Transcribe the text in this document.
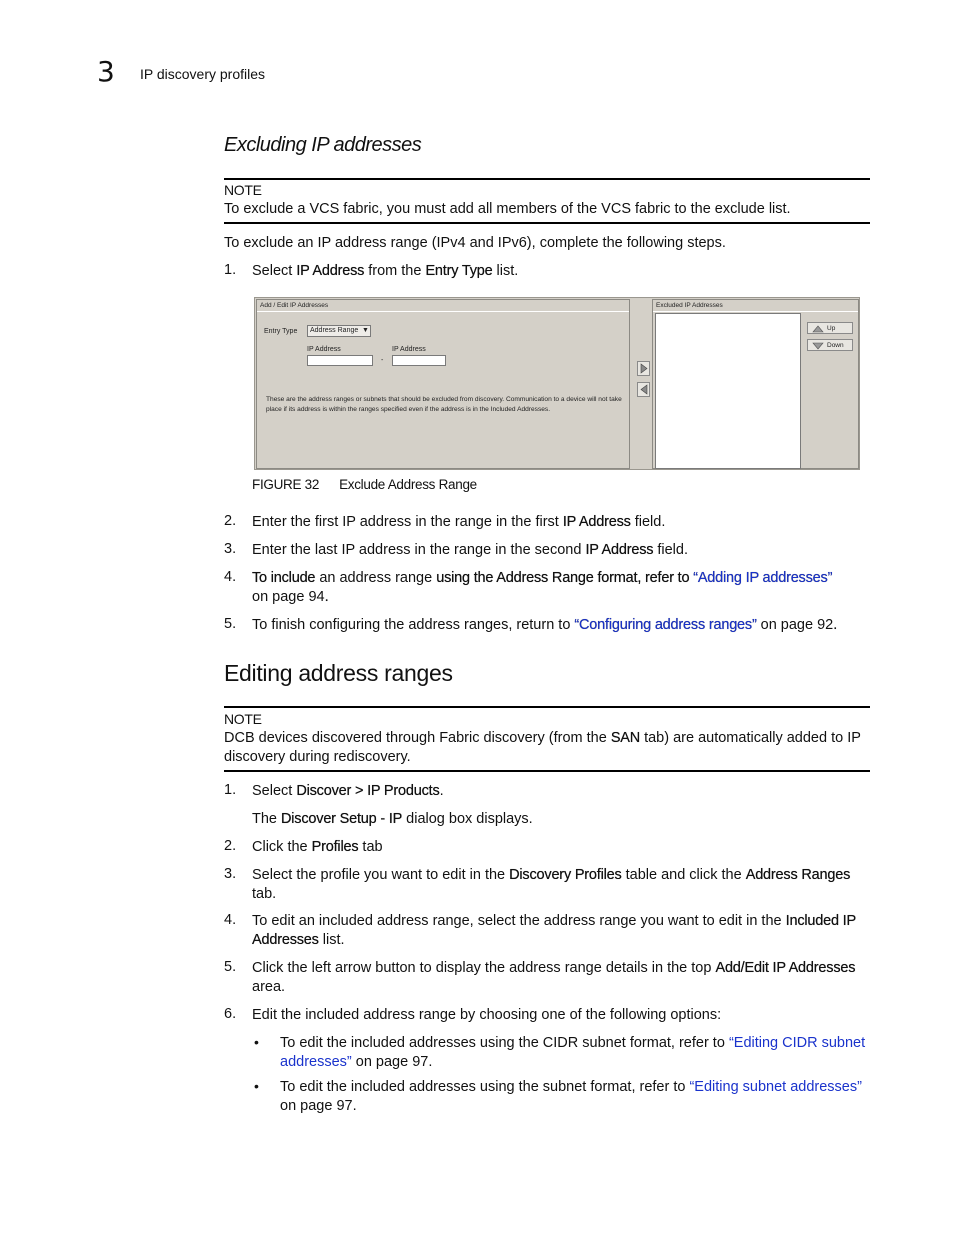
3 IP discovery profiles
Excluding IP addresses
NOTE
To exclude a VCS fabric, you must add all members of the VCS fabric to the exclude list.
To exclude an IP address range (IPv4 and IPv6), complete the following steps.
1. Select IP Address from the Entry Type list.
Add / Edit IP Addresses
Entry Type Address Range ▼
IP Address
-
IP Address
These are the address ranges or subnets that should be excluded from discovery. Communication to a device will not take place if its address is within the ranges specified even if the address is in the Included Addresses.
Excluded IP Addresses
Up
Down
FIGURE 32 Exclude Address Range
2. Enter the first IP address in the range in the first IP Address field.
3. Enter the last IP address in the range in the second IP Address field.
4. To include an address range using the Address Range format, refer to “Adding IP addresses”
on page 94.
5. To finish configuring the address ranges, return to “Configuring address ranges” on page 92.
Editing address ranges
NOTE
DCB devices discovered through Fabric discovery (from the SAN tab) are automatically added to IP discovery during rediscovery.
1. Select Discover > IP Products.
The Discover Setup - IP dialog box displays.
2. Click the Profiles tab
3. Select the profile you want to edit in the Discovery Profiles table and click the Address Ranges tab.
4. To edit an included address range, select the address range you want to edit in the Included IP Addresses list.
5. Click the left arrow button to display the address range details in the top Add/Edit IP Addresses area.
6. Edit the included address range by choosing one of the following options:
• To edit the included addresses using the CIDR subnet format, refer to “Editing CIDR subnet addresses” on page 97.
• To edit the included addresses using the subnet format, refer to “Editing subnet addresses” on page 97.
